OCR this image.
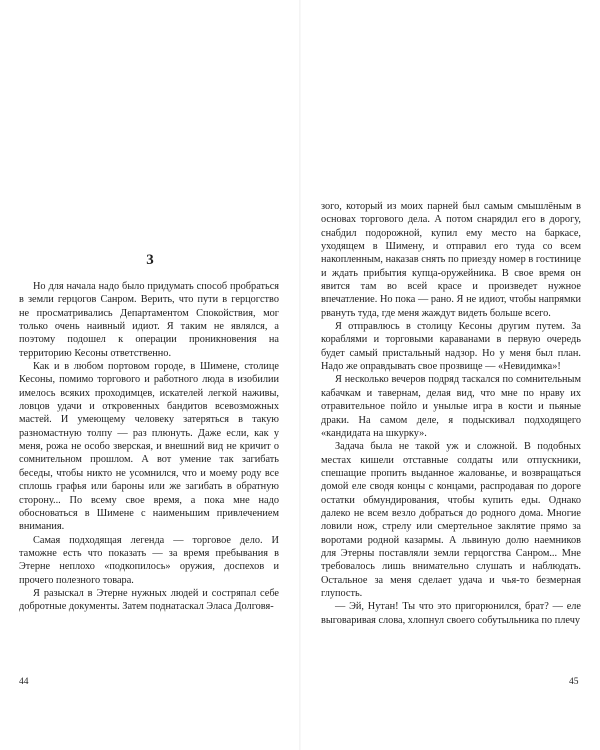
3

Но для начала надо было придумать способ пробраться в земли герцогов Санром. Верить, что пути в герцогство не просматривались Департаментом Спокойствия, мог только очень наивный идиот. Я таким не являлся, а поэтому подошел к операции проникновения на территорию Кесоны ответственно.

Как и в любом портовом городе, в Шимене, столице Кесоны, помимо торгового и работного люда в изобилии имелось всяких проходимцев, искателей легкой наживы, ловцов удачи и откровенных бандитов всевозможных мастей. И умеющему человеку затеряться в такую разномастную толпу — раз плюнуть. Даже если, как у меня, рожа не особо зверская, и внешний вид не кричит о сомнительном прошлом. А вот умение так загибать беседы, чтобы никто не усомнился, что и моему роду все сплошь графья или бароны или же загибать в обратную сторону... По всему свое время, а пока мне надо обосноваться в Шимене с наименьшим привлечением внимания.

Самая подходящая легенда — торговое дело. И таможне есть что показать — за время пребывания в Этерне неплохо «подкопилось» оружия, доспехов и прочего полезного товара.

Я разыскал в Этерне нужных людей и состряпал себе добротные документы. Затем поднатаскал Эласа Долговя-

зого, который из моих парней был самым смышлёным в основах торгового дела. А потом снарядил его в дорогу, снабдил подорожной, купил ему место на баркасе, уходящем в Шимену, и отправил его туда со всем накопленным, наказав снять по приезду номер в гостинице и ждать прибытия купца-оружейника. В свое время он явится там во всей красе и произведет нужное впечатление. Но пока — рано. Я не идиот, чтобы напрямки рвануть туда, где меня жаждут видеть больше всего.

Я отправлюсь в столицу Кесоны другим путем. За кораблями и торговыми караванами в первую очередь будет самый пристальный надзор. Но у меня был план. Надо же оправдывать свое прозвище — «Невидимка»!

Я несколько вечеров подряд таскался по сомнительным кабачкам и тавернам, делая вид, что мне по нраву их отравительное пойло и унылые игра в кости и пьяные драки. На самом деле, я подыскивал подходящего «кандидата на шкурку».

Задача была не такой уж и сложной. В подобных местах кишели отставные солдаты или отпускники, спешащие пропить выданное жалованье, и возвращаться домой еле сводя концы с концами, распродавая по дороге остатки обмундирования, чтобы купить еды. Однако далеко не всем везло добраться до родного дома. Многие ловили нож, стрелу или смертельное заклятие прямо за воротами родной казармы. А львиную долю наемников для Этерны поставляли земли герцогства Санром... Мне требовалось лишь внимательно слушать и наблюдать. Остальное за меня сделает удача и чья-то безмерная глупость.

— Эй, Нутан! Ты что это пригорюнился, брат? — еле выговаривая слова, хлопнул своего собутыльника по плечу

44	45
